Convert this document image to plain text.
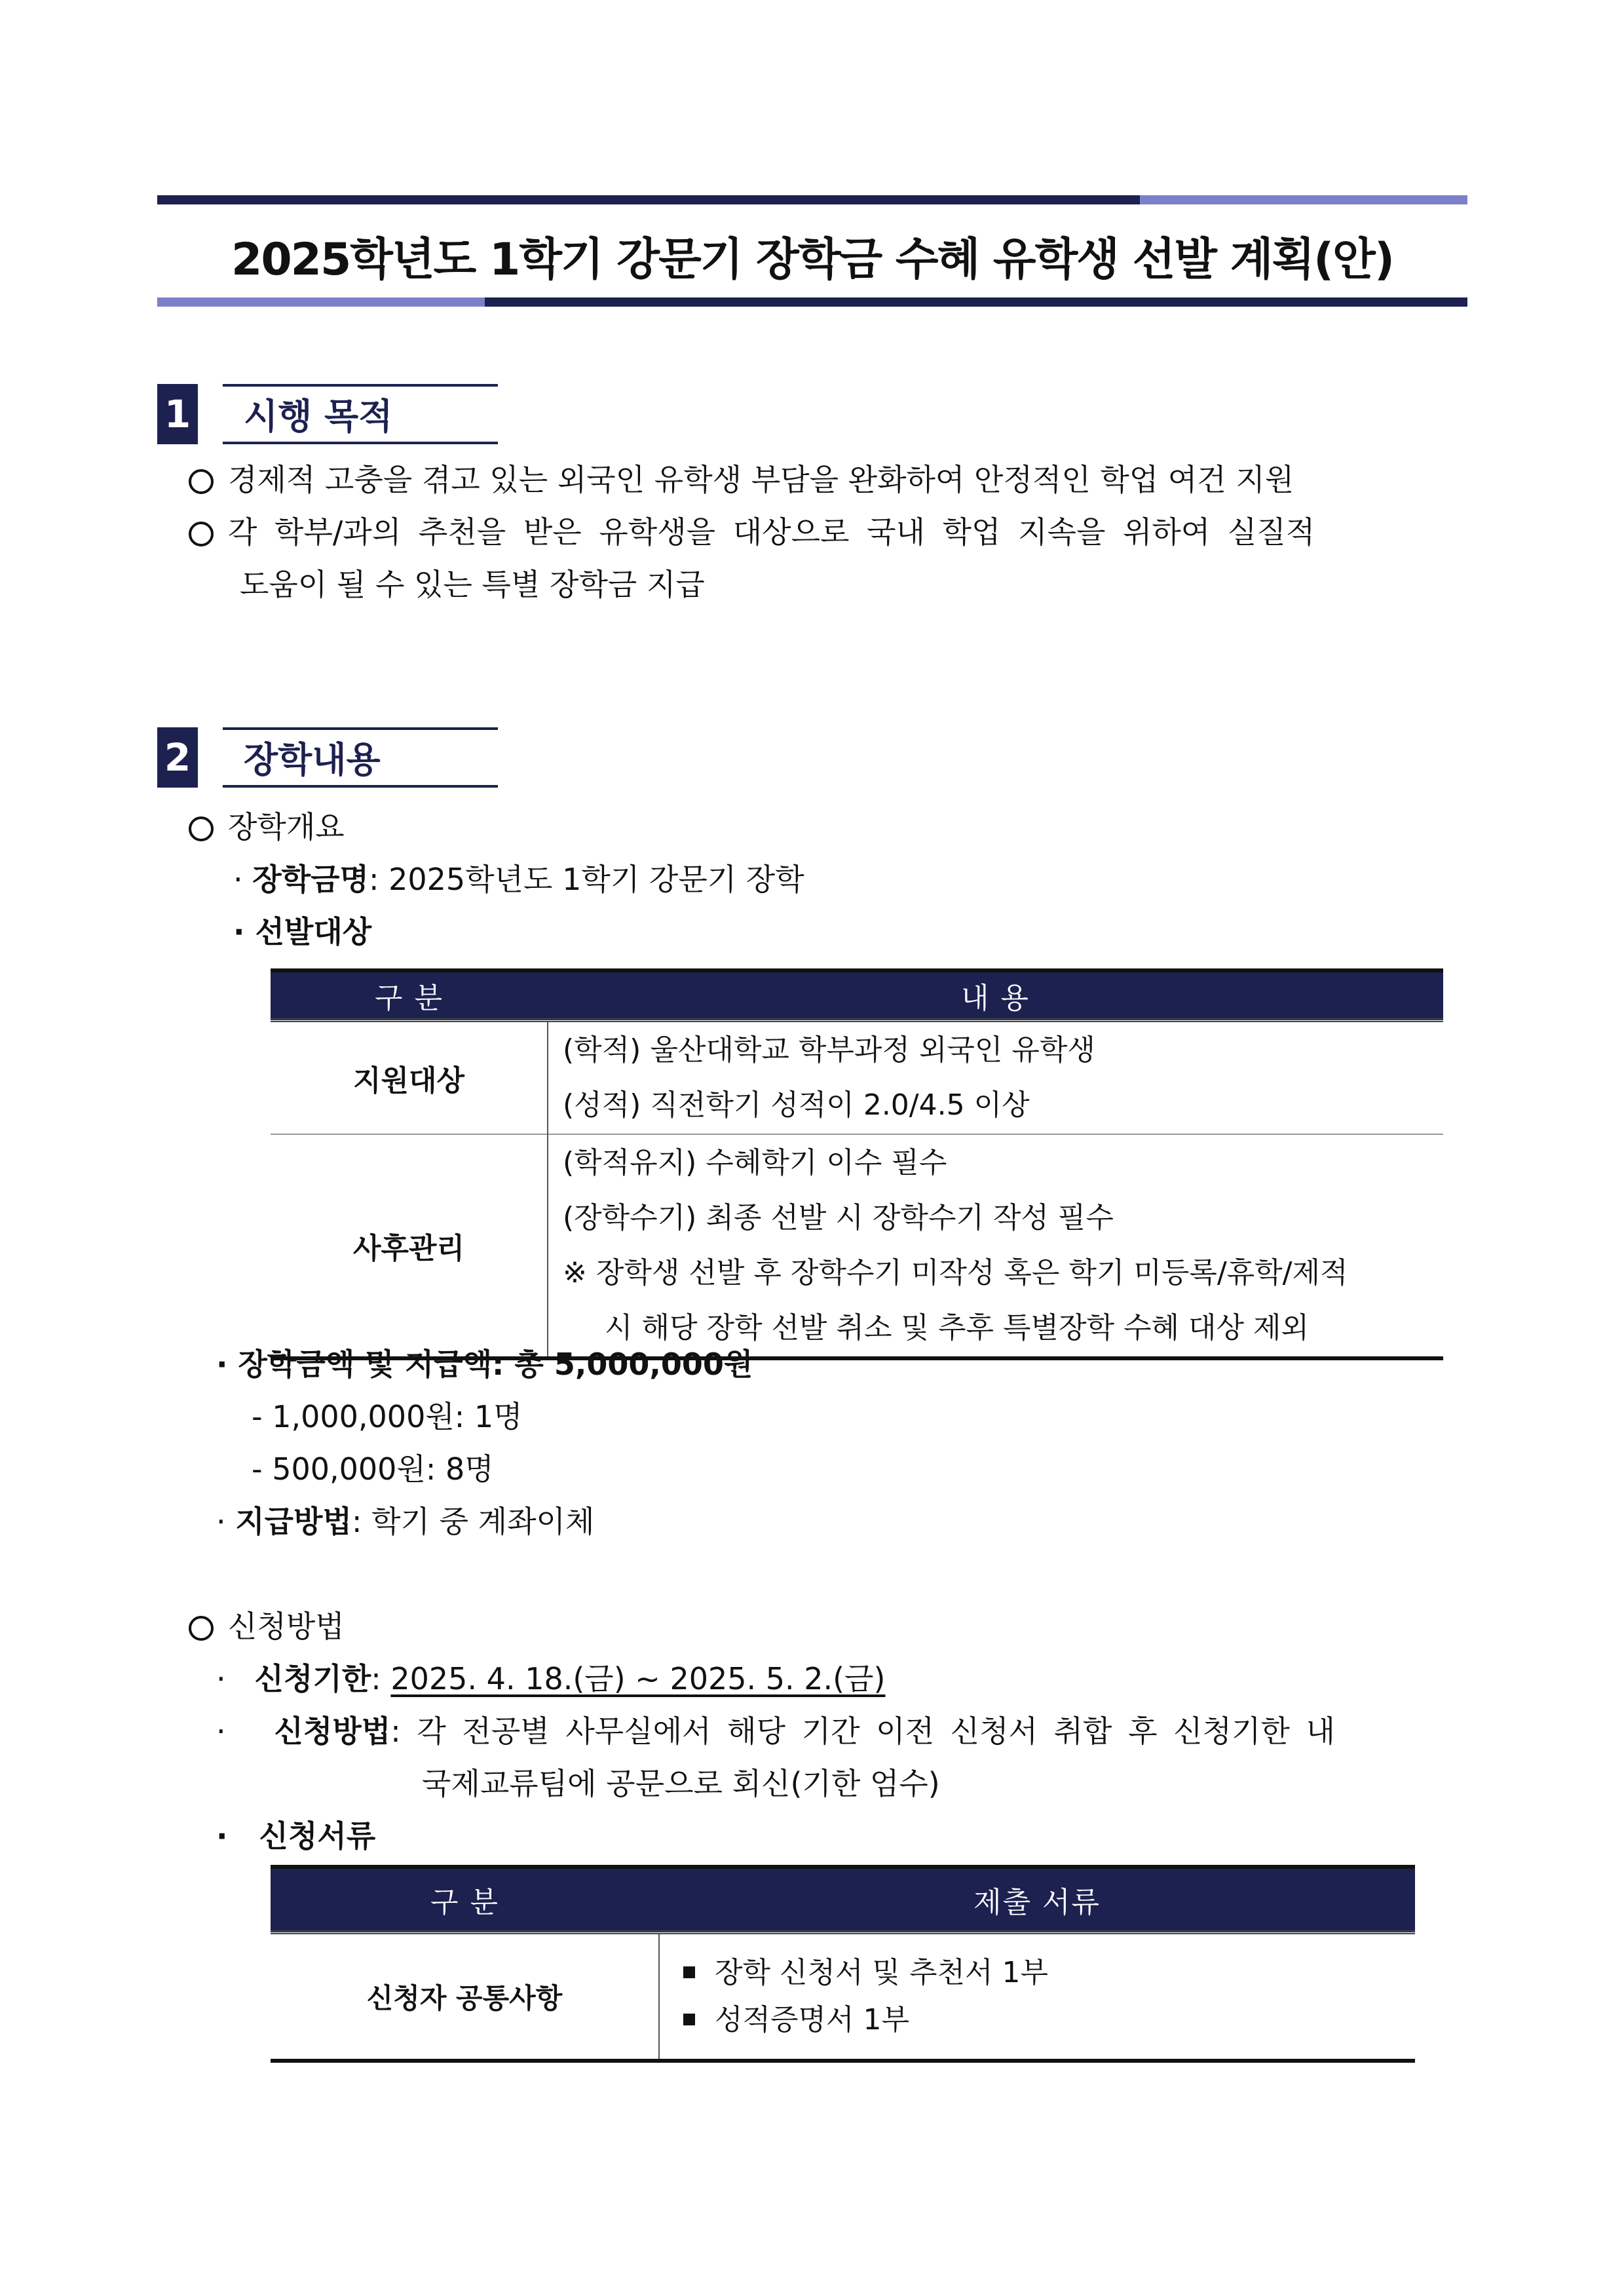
2025학년도 1학기 강문기 장학금 수혜 유학생 선발 계획(안)
1	시행 목적
경제적 고충을 겪고 있는 외국인 유학생 부담을 완화하여 안정적인 학업 여건 지원
각 학부/과의 추천을 받은 유학생을 대상으로 국내 학업 지속을 위하여 실질적
도움이 될 수 있는 특별 장학금 지급
2	장학내용
장학개요
· 장학금명: 2025학년도 1학기 강문기 장학
· 선발대상
구 분	내 용
지원대상	(학적) 울산대학교 학부과정 외국인 유학생
(성적) 직전학기 성적이 2.0/4.5 이상

사후관리	(학적유지) 수혜학기 이수 필수
(장학수기) 최종 선발 시 장학수기 작성 필수
※ 장학생 선발 후 장학수기 미작성 혹은 학기 미등록/휴학/제적
시 해당 장학 선발 취소 및 추후 특별장학 수혜 대상 제외
· 장학금액 및 지급액: 총 5,000,000원
- 1,000,000원: 1명
- 500,000원: 8명
· 지급방법: 학기 중 계좌이체
신청방법
·   신청기한: 2025. 4. 18.(금) ~ 2025. 5. 2.(금)
·   신청방법: 각 전공별 사무실에서 해당 기간 이전 신청서 취합 후 신청기한 내
국제교류팀에 공문으로 회신(기한 엄수)
·   신청서류
구 분	제출 서류
신청자 공통사항	장학 신청서 및 추천서 1부
성적증명서 1부
